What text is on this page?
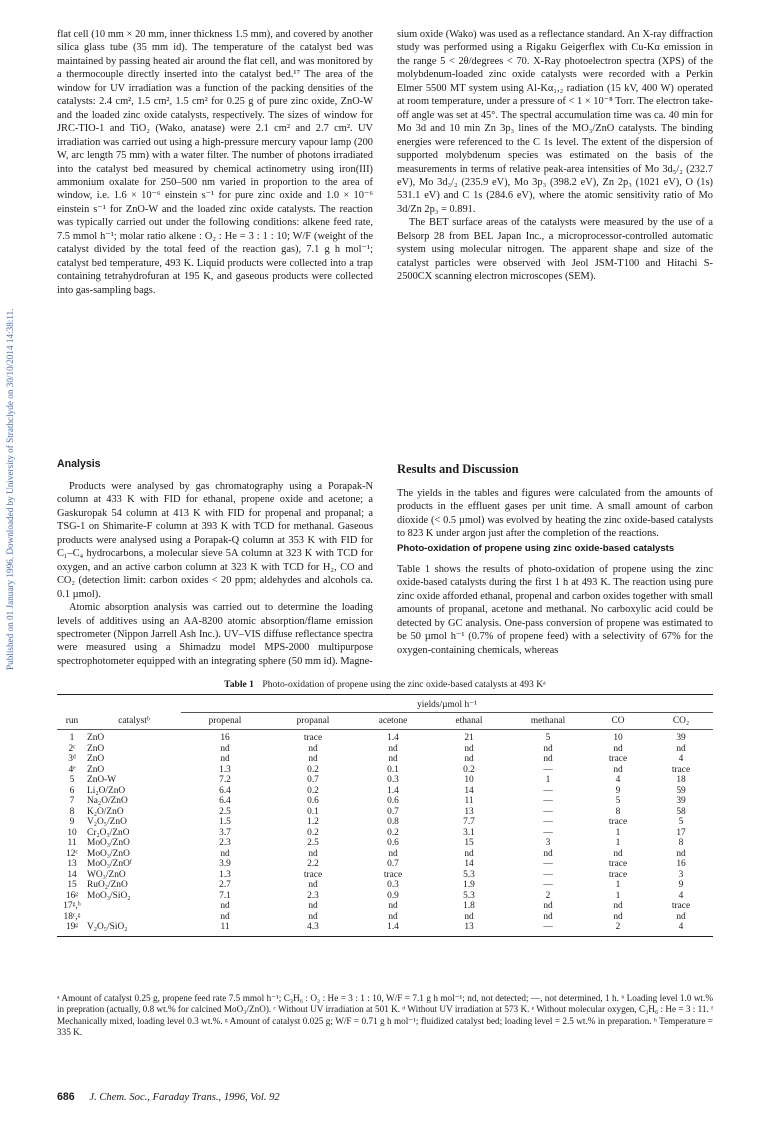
Published on 01 January 1996. Downloaded by University of Strathclyde on 30/10/2014 14:38:11.

flat cell (10 mm × 20 mm, inner thickness 1.5 mm), and covered by another silica glass tube (35 mm id). The temperature of the catalyst bed was maintained by passing heated air around the flat cell, and was monitored by a thermocouple directly inserted into the catalyst bed.¹⁷ The area of the window for UV irradiation was a function of the packing densities of the catalysts: 2.4 cm², 1.5 cm², 1.5 cm² for 0.25 g of pure zinc oxide, ZnO-W and the loaded zinc oxide catalysts, respectively. The sizes of window for JRC-TIO-1 and TiO₂ (Wako, anatase) were 2.1 cm² and 2.7 cm². UV irradiation was carried out using a high-pressure mercury vapour lamp (200 W, arc length 75 mm) with a water filter. The number of photons irradiated into the catalyst bed measured by chemical actinometry using iron(III) ammonium oxalate for 250–500 nm varied in proportion to the area of window, i.e. 1.6 × 10⁻⁶ einstein s⁻¹ for pure zinc oxide and 1.0 × 10⁻⁶ einstein s⁻¹ for ZnO-W and the loaded zinc oxide catalysts. The reaction was typically carried out under the following conditions: alkene feed rate, 7.5 mmol h⁻¹; molar ratio alkene : O₂ : He = 3 : 1 : 10; W/F (weight of the catalyst divided by the total feed of the reaction gas), 7.1 g h mol⁻¹; catalyst bed temperature, 493 K. Liquid products were collected into a trap containing tetrahydrofuran at 195 K, and gaseous products were collected into gas-sampling bags.

Analysis

Products were analysed by gas chromatography using a Porapak-N column at 433 K with FID for ethanal, propene oxide and acetone; a Gaskuropak 54 column at 413 K with FID for propenal and propanal; a TSG-1 on Shimarite-F column at 393 K with TCD for methanal. Gaseous products were analysed using a Porapak-Q column at 353 K with FID for C₁–C₄ hydrocarbons, a molecular sieve 5A column at 323 K with TCD for oxygen, and an active carbon column at 323 K with TCD for H₂, CO and CO₂ (detection limit: carbon oxides < 20 ppm; aldehydes and alcohols ca. 0.1 µmol).

Atomic absorption analysis was carried out to determine the loading levels of additives using an AA-8200 atomic absorption/flame emission spectrometer (Nippon Jarrell Ash Inc.). UV–VIS diffuse reflectance spectra were measured using a Shimadzu model MPS-2000 multipurpose spectrophotometer equipped with an integrating sphere (50 mm id). Magne-

sium oxide (Wako) was used as a reflectance standard. An X-ray diffraction study was performed using a Rigaku Geigerflex with Cu-Kα emission in the range 5 < 2θ/degrees < 70. X-Ray photoelectron spectra (XPS) of the molybdenum-loaded zinc oxide catalysts were recorded with a Perkin Elmer 5500 MT system using Al-Kα₁,₂ radiation (15 kV, 400 W) operated at room temperature, under a pressure of < 1 × 10⁻⁸ Torr. The electron take-off angle was set at 45°. The spectral accumulation time was ca. 40 min for Mo 3d and 10 min Zn 3p₃ lines of the MO₃/ZnO catalysts. The binding energies were referenced to the C 1s level. The extent of the dispersion of supported molybdenum species was estimated on the basis of the measurements in terms of relative peak-area intensities of Mo 3d₅/₂ (232.7 eV), Mo 3d₃/₂ (235.9 eV), Mo 3p₃ (398.2 eV), Zn 2p₃ (1021 eV), O (1s) 531.1 eV) and C 1s (284.6 eV), where the atomic sensitivity ratio of Mo 3d/Zn 2p₃ = 0.891.

The BET surface areas of the catalysts were measured by the use of a Belsorp 28 from BEL Japan Inc., a microprocessor-controlled automatic system using molecular nitrogen. The apparent shape and size of the catalyst particles were observed with Jeol JSM-T100 and Hitachi S-2500CX scanning electron microscopes (SEM).

Results and Discussion

The yields in the tables and figures were calculated from the amounts of products in the effluent gases per unit time. A small amount of carbon dioxide (< 0.5 µmol) was evolved by heating the zinc oxide-based catalysts to 823 K under argon just after the completion of the reactions.

Photo-oxidation of propene using zinc oxide-based catalysts

Table 1 shows the results of photo-oxidation of propene using the zinc oxide-based catalysts during the first 1 h at 493 K. The reaction using pure zinc oxide afforded ethanal, propenal and carbon oxides together with small amounts of propanal, acetone and methanal. No carboxylic acid could be detected by GC analysis. One-pass conversion of propene was estimated to be 50 µmol h⁻¹ (0.7% of propene feed) with a selectivity of 67% for the oxygen-containing chemicals, whereas

Table 1 Photo-oxidation of propene using the zinc oxide-based catalysts at 493 Kᵃ
		yields/µmol h⁻¹						

run	catalystᵇ	propenal	propanal	acetone	ethanal	methanal	CO	CO₂

1	ZnO	16	trace	1.4	21	5	10	39
2ᶜ	ZnO	nd	nd	nd	nd	nd	nd	nd
3ᵈ	ZnO	nd	nd	nd	nd	nd	trace	4
4ᵉ	ZnO	1.3	0.2	0.1	0.2	—	nd	trace
5	ZnO-W	7.2	0.7	0.3	10	1	4	18
6	Li₂O/ZnO	6.4	0.2	1.4	14	—	9	59
7	Na₂O/ZnO	6.4	0.6	0.6	11	—	5	39
8	K₂O/ZnO	2.5	0.1	0.7	13	—	8	58
9	V₂O₅/ZnO	1.5	1.2	0.8	7.7	—	trace	5
10	Cr₂O₃/ZnO	3.7	0.2	0.2	3.1	—	1	17
11	MoO₃/ZnO	2.3	2.5	0.6	15	3	1	8
12ᶜ	MoO₃/ZnO	nd	nd	nd	nd	nd	nd	nd
13	MoO₃/ZnOᶠ	3.9	2.2	0.7	14	—	trace	16
14	WO₃/ZnO	1.3	trace	trace	5.3	—	trace	3
15	RuO₂/ZnO	2.7	nd	0.3	1.9	—	1	9
16ᵍ	MoO₃/SiO₂	7.1	2.3	0.9	5.3	2	1	4
17ᵍ,ʰ		nd	nd	nd	1.8	nd	nd	trace
18ᶜ,ᵍ		nd	nd	nd	nd	nd	nd	nd
19ᵍ	V₂O₅/SiO₂	11	4.3	1.4	13	—	2	4
ᵃ Amount of catalyst 0.25 g, propene feed rate 7.5 mmol h⁻¹; C₃H₆ : O₂ : He = 3 : 1 : 10, W/F = 7.1 g h mol⁻¹; nd, not detected; —, not determined, 1 h. ᵇ Loading level 1.0 wt.% in prepration (actually, 0.8 wt.% for calcined MoO₃/ZnO). ᶜ Without UV irradiation at 501 K. ᵈ Without UV irradiation at 573 K. ᵉ Without molecular oxygen, C₃H₆ : He = 3 : 11. ᶠ Mechanically mixed, loading level 0.3 wt.%. ᵍ Amount of catalyst 0.025 g; W/F = 0.71 g h mol⁻¹; fluidized catalyst bed; loading level = 2.5 wt.% in preparation. ʰ Temperature = 335 K.
686 J. Chem. Soc., Faraday Trans., 1996, Vol. 92
